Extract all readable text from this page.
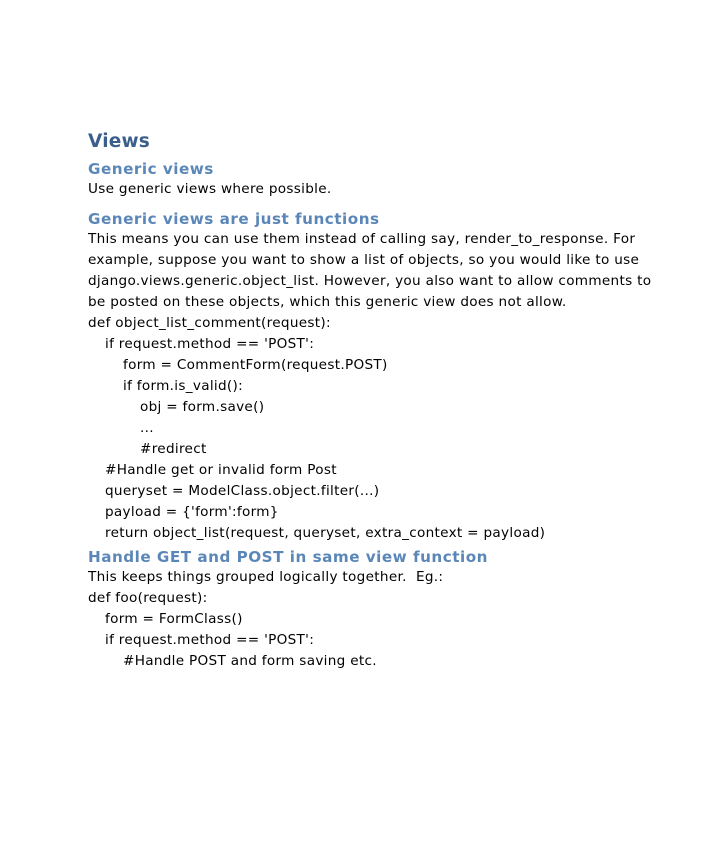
Views
Generic views
Use generic views where possible.
Generic views are just functions
This means you can use them instead of calling say, render_to_response. For
example, suppose you want to show a list of objects, so you would like to use
django.views.generic.object_list. However, you also want to allow comments to
be posted on these objects, which this generic view does not allow.
def object_list_comment(request):
if request.method == 'POST':
form = CommentForm(request.POST)
if form.is_valid():
obj = form.save()
...
#redirect
#Handle get or invalid form Post
queryset = ModelClass.object.filter(...)
payload = {'form':form}
return object_list(request, queryset, extra_context = payload)
Handle GET and POST in same view function
This keeps things grouped logically together.  Eg.:
def foo(request):
form = FormClass()
if request.method == 'POST':
#Handle POST and form saving etc.
